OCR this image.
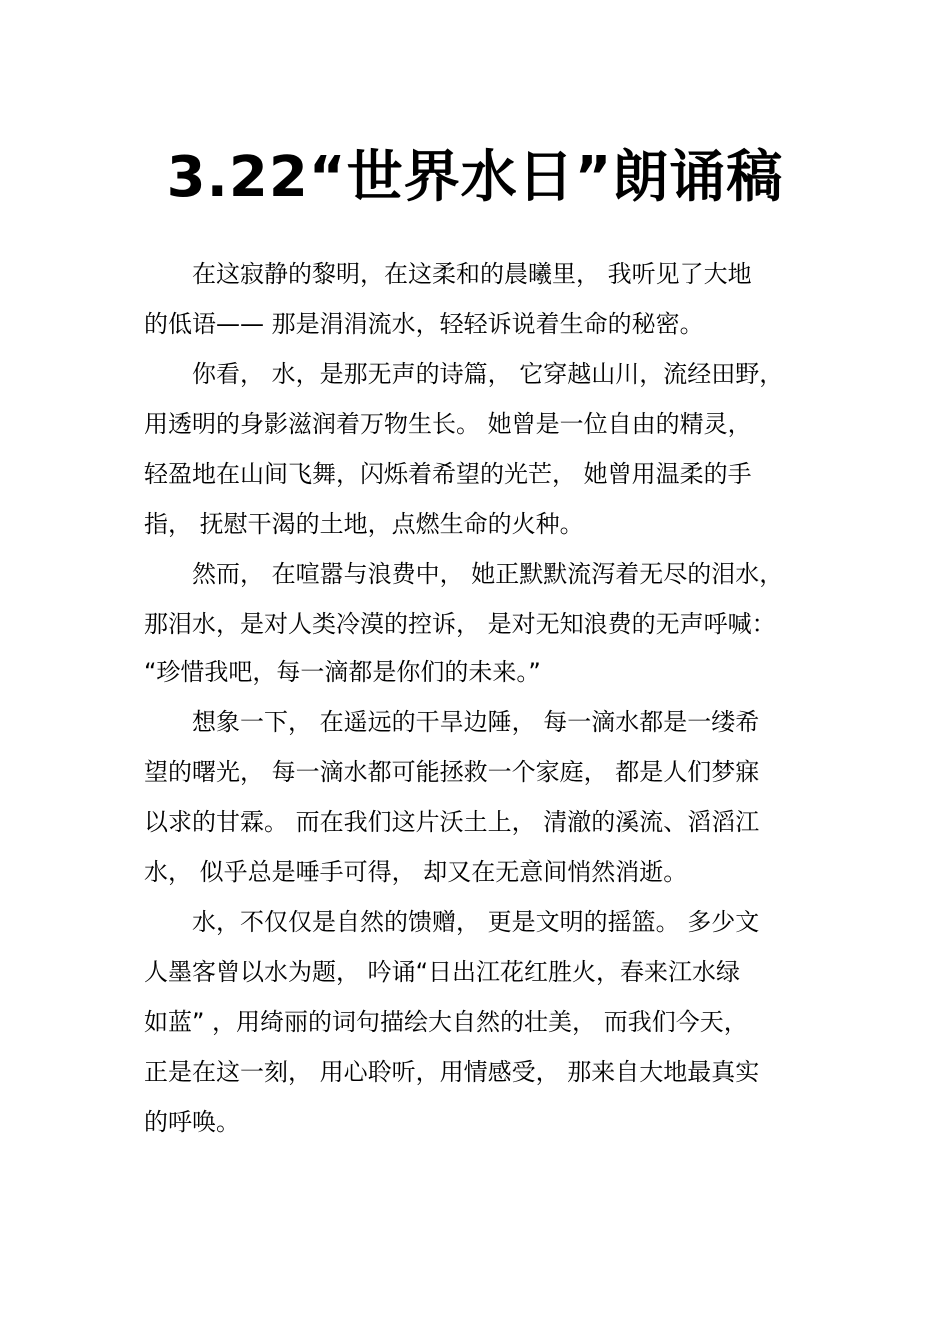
3.22“世界水日”朗诵稿

　　在这寂静的黎明，在这柔和的晨曦里， 我听见了大地

的低语—— 那是涓涓流水，轻轻诉说着生命的秘密。

　　你看， 水，是那无声的诗篇， 它穿越山川，流经田野，

用透明的身影滋润着万物生长。 她曾是一位自由的精灵，

轻盈地在山间飞舞，闪烁着希望的光芒， 她曾用温柔的手

指， 抚慰干渴的土地，点燃生命的火种。

　　然而， 在喧嚣与浪费中， 她正默默流泻着无尽的泪水，

那泪水，是对人类冷漠的控诉， 是对无知浪费的无声呼喊：

“珍惜我吧，每一滴都是你们的未来。”

　　想象一下， 在遥远的干旱边陲， 每一滴水都是一缕希

望的曙光， 每一滴水都可能拯救一个家庭， 都是人们梦寐

以求的甘霖。 而在我们这片沃土上， 清澈的溪流、滔滔江

水， 似乎总是唾手可得， 却又在无意间悄然消逝。

　　水，不仅仅是自然的馈赠， 更是文明的摇篮。 多少文

人墨客曾以水为题， 吟诵“日出江花红胜火，春来江水绿

如蓝” ，用绮丽的词句描绘大自然的壮美， 而我们今天，

正是在这一刻， 用心聆听，用情感受， 那来自大地最真实

的呼唤。
